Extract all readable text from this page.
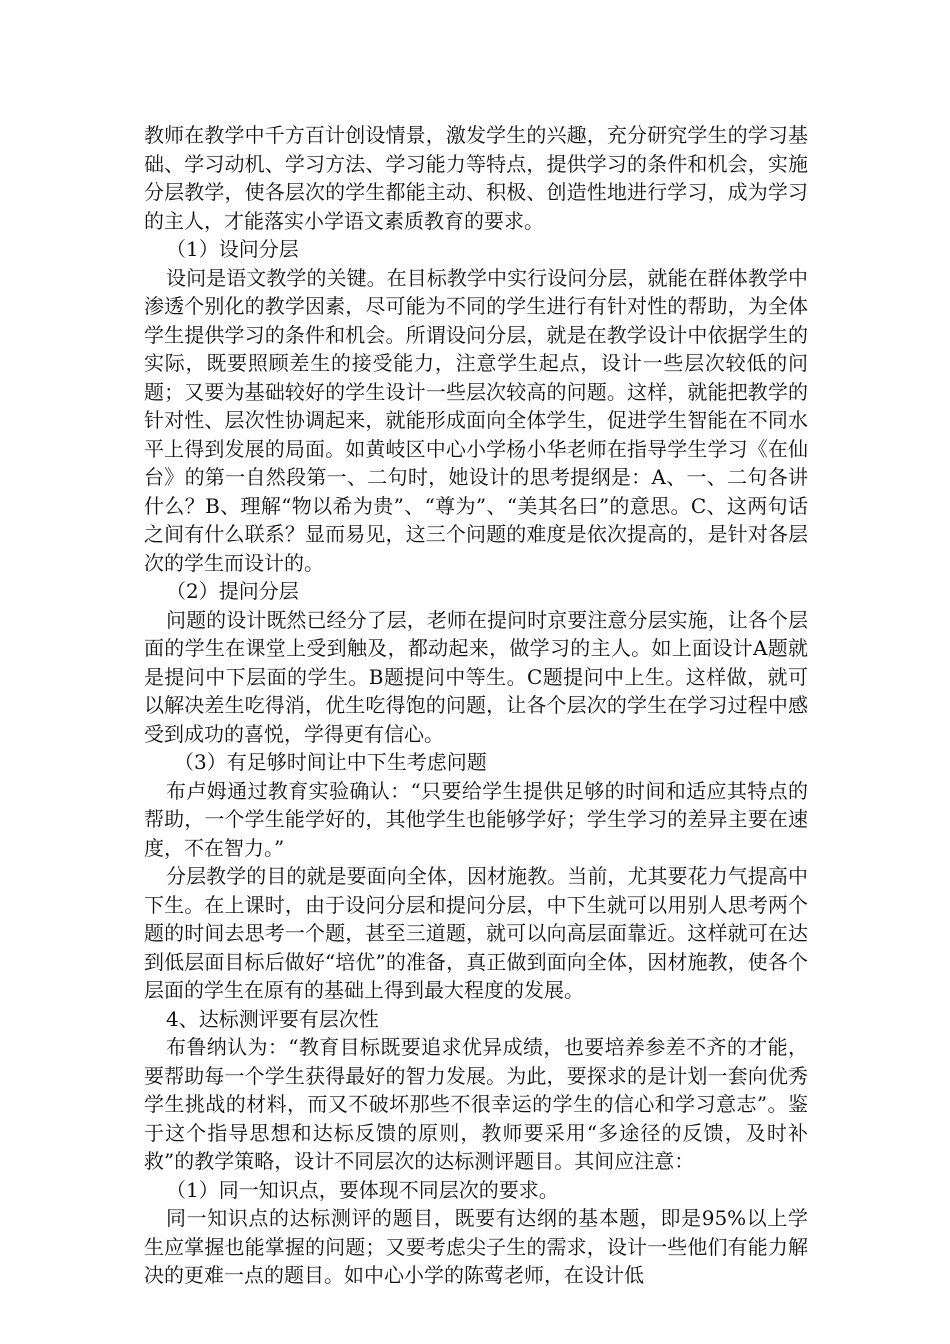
教师在教学中千方百计创设情景，激发学生的兴趣，充分研究学生的学习基础、学习动机、学习方法、学习能力等特点，提供学习的条件和机会，实施分层教学，使各层次的学生都能主动、积极、创造性地进行学习，成为学习的主人，才能落实小学语文素质教育的要求。

（1）设问分层

设问是语文教学的关键。在目标教学中实行设问分层，就能在群体教学中渗透个别化的教学因素，尽可能为不同的学生进行有针对性的帮助，为全体学生提供学习的条件和机会。所谓设问分层，就是在教学设计中依据学生的实际，既要照顾差生的接受能力，注意学生起点，设计一些层次较低的问题；又要为基础较好的学生设计一些层次较高的问题。这样，就能把教学的针对性、层次性协调起来，就能形成面向全体学生，促进学生智能在不同水平上得到发展的局面。如黄岐区中心小学杨小华老师在指导学生学习《在仙台》的第一自然段第一、二句时，她设计的思考提纲是：A、一、二句各讲什么？B、理解“物以希为贵”、“尊为”、“美其名曰”的意思。C、这两句话之间有什么联系？显而易见，这三个问题的难度是依次提高的，是针对各层次的学生而设计的。

（2）提问分层

问题的设计既然已经分了层，老师在提问时京要注意分层实施，让各个层面的学生在课堂上受到触及，都动起来，做学习的主人。如上面设计A题就是提问中下层面的学生。B题提问中等生。C题提问中上生。这样做，就可以解决差生吃得消，优生吃得饱的问题，让各个层次的学生在学习过程中感受到成功的喜悦，学得更有信心。

（3）有足够时间让中下生考虑问题

布卢姆通过教育实验确认：“只要给学生提供足够的时间和适应其特点的帮助，一个学生能学好的，其他学生也能够学好；学生学习的差异主要在速度，不在智力。”

分层教学的目的就是要面向全体，因材施教。当前，尤其要花力气提高中下生。在上课时，由于设问分层和提问分层，中下生就可以用别人思考两个题的时间去思考一个题，甚至三道题，就可以向高层面靠近。这样就可在达到低层面目标后做好“培优”的准备，真正做到面向全体，因材施教，使各个层面的学生在原有的基础上得到最大程度的发展。

4、达标测评要有层次性

布鲁纳认为：“教育目标既要追求优异成绩，也要培养参差不齐的才能，要帮助每一个学生获得最好的智力发展。为此，要探求的是计划一套向优秀学生挑战的材料，而又不破坏那些不很幸运的学生的信心和学习意志”。鉴于这个指导思想和达标反馈的原则，教师要采用“多途径的反馈，及时补救”的教学策略，设计不同层次的达标测评题目。其间应注意：

（1）同一知识点，要体现不同层次的要求。

同一知识点的达标测评的题目，既要有达纲的基本题，即是95%以上学生应掌握也能掌握的问题；又要考虑尖子生的需求，设计一些他们有能力解决的更难一点的题目。如中心小学的陈莺老师，在设计低
